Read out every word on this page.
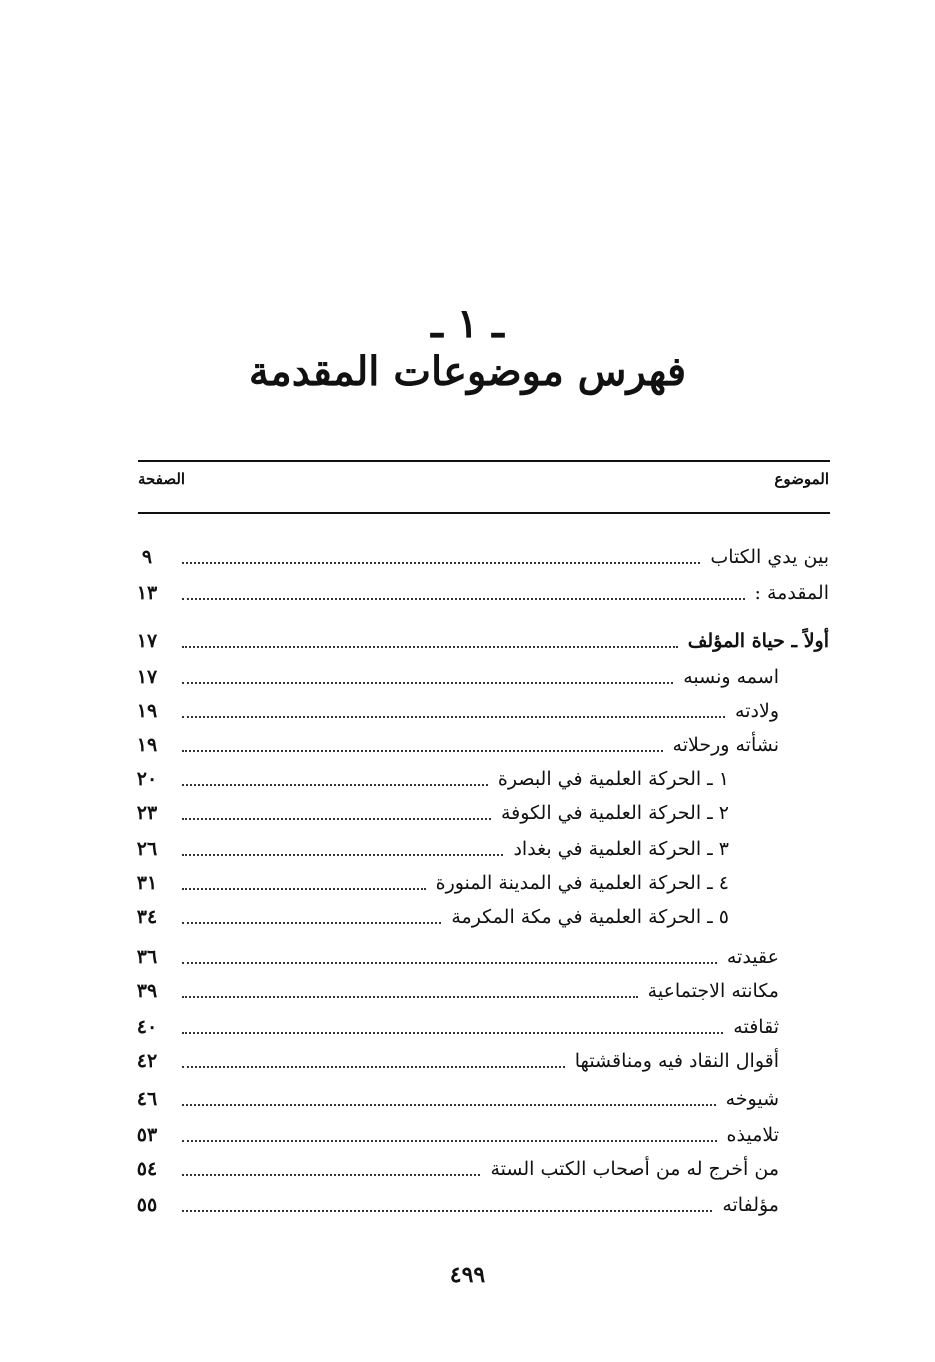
ـ ١ ـ
فهرس موضوعات المقدمة
الموضوع
الصفحة
بين يدي الكتاب
٩
المقدمة :
١٣
أولاً ـ حياة المؤلف
١٧
اسمه ونسبه
١٧
ولادته
١٩
نشأته ورحلاته
١٩
١ ـ الحركة العلمية في البصرة
٢٠
٢ ـ الحركة العلمية في الكوفة
٢٣
٣ ـ الحركة العلمية في بغداد
٢٦
٤ ـ الحركة العلمية في المدينة المنورة
٣١
٥ ـ الحركة العلمية في مكة المكرمة
٣٤
عقيدته
٣٦
مكانته الاجتماعية
٣٩
ثقافته
٤٠
أقوال النقاد فيه ومناقشتها
٤٢
شيوخه
٤٦
تلاميذه
٥٣
من أخرج له من أصحاب الكتب الستة
٥٤
مؤلفاته
٥٥
٤٩٩
